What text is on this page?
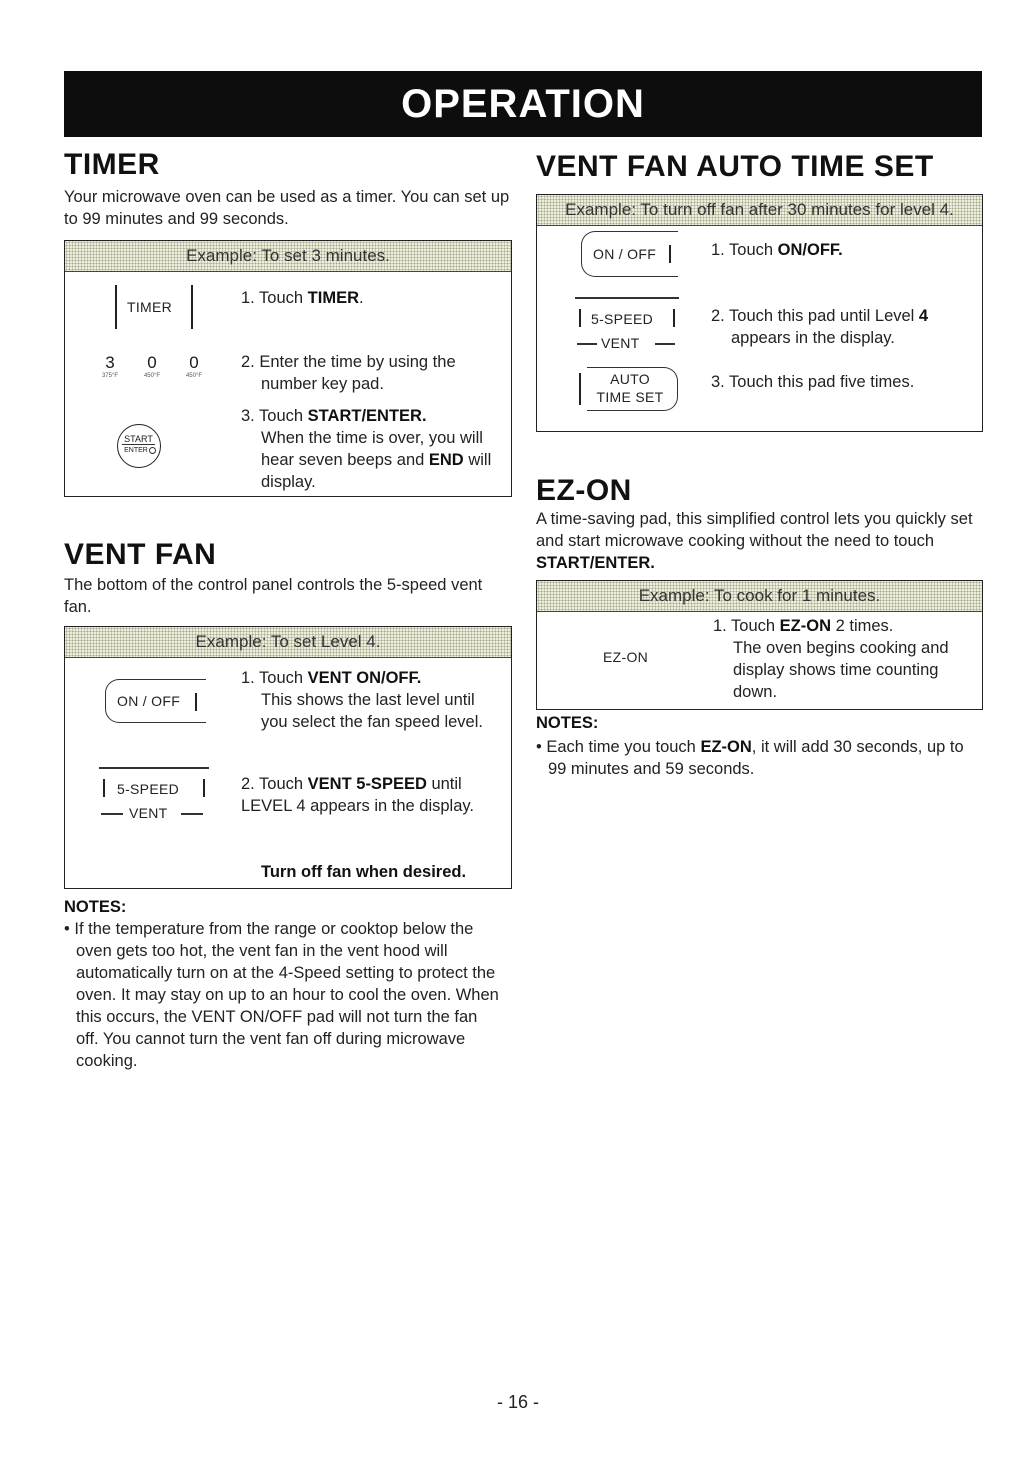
OPERATION
TIMER
Your microwave oven can be used as a timer. You can set up to 99 minutes and 99 seconds.
Example: To set 3 minutes.
TIMER
3
375°F
0
450°F
0
450°F
START
ENTER
1. Touch TIMER.
2. Enter the time by using the number key pad.
3. Touch START/ENTER.
When the time is over, you will hear seven beeps and END will display.
VENT FAN
The bottom of the control panel controls the 5-speed vent fan.
Example: To set Level 4.
ON / OFF
5-SPEED
VENT
1. Touch VENT ON/OFF.
This shows the last level until you select the fan speed level.
2. Touch VENT 5-SPEED until LEVEL 4 appears in the display.
Turn off fan when desired.
NOTES:
• If the temperature from the range or cooktop below the oven gets too hot, the vent fan in the vent hood will automatically turn on at the 4-Speed setting to protect the oven. It may stay on up to an hour to cool the oven. When this occurs, the VENT ON/OFF pad will not turn the fan off. You cannot turn the vent fan off during microwave cooking.
VENT FAN AUTO TIME SET
Example: To turn off fan after 30 minutes for level 4.
ON / OFF
5-SPEED
VENT
AUTO
TIME SET
1. Touch ON/OFF.
2. Touch this pad until Level 4
appears in the display.
3. Touch this pad five times.
EZ-ON
A time-saving pad, this simplified control lets you quickly set and start microwave cooking without the need to touch START/ENTER.
Example: To cook for 1 minutes.
EZ-ON
1. Touch EZ-ON 2 times.
The oven begins cooking and display shows time counting down.
NOTES:
• Each time you touch EZ-ON, it will add 30 seconds, up to 99 minutes and 59 seconds.
- 16 -
